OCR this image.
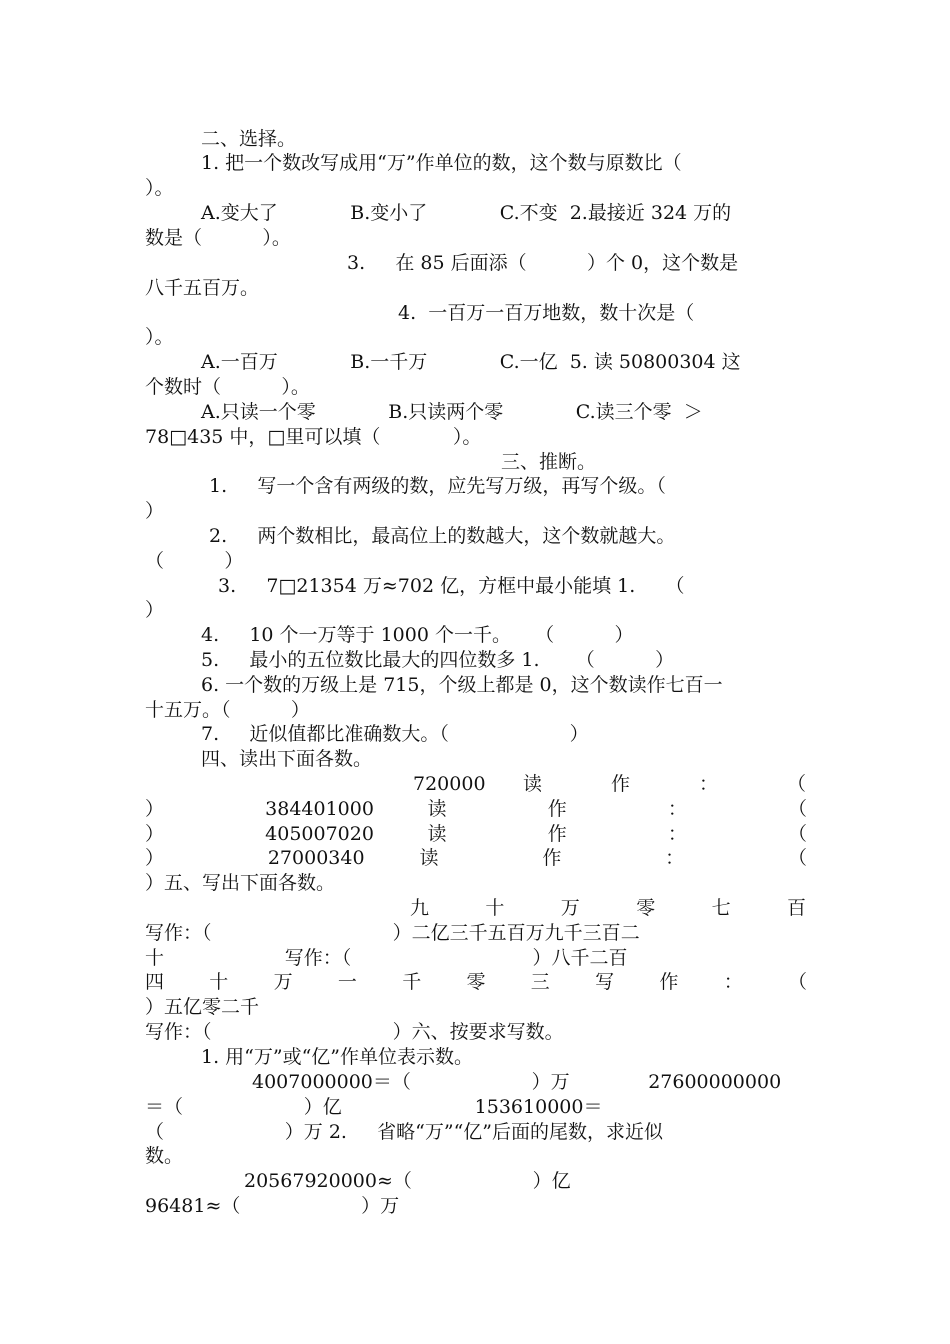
二、选择。
1. 把一个数改写成用“万”作单位的数，这个数与原数比（
）。
A.变大了            B.变小了            C.不变  2.最接近 324 万的
数是（          ）。
3.     在 85 后面添（          ）个 0，这个数是
八千五百万。
4.  一百万一百万地数，数十次是（
）。
A.一百万            B.一千万            C.一亿  5. 读 50800304 这
个数时（          ）。
A.只读一个零            B.只读两个零            C.读三个零  ＞
78□435 中，□里可以填（            ）。
三、推断。
1.     写一个含有两级的数，应先写万级，再写个级。（
）
2.     两个数相比，最高位上的数越大，这个数就越大。
（          ）
3.     7□21354 万≈702 亿，方框中最小能填 1.     （
）
4.     10 个一万等于 1000 个一千。    （          ）
5.     最小的五位数比最大的四位数多 1.      （          ）
6. 一个数的万级上是 715，个级上都是 0，这个数读作七百一
十五万。（          ）
7.     近似值都比准确数大。（                    ）
四、读出下面各数。
720000 读 作 ： （
） 384401000 读 作 ： （
） 405007020 读 作 ： （
） 27000340 读 作 ： （
）五、写出下面各数。
九 十 万 零 七 百
写作：（                              ）二亿三千五百万九千三百二
十                    写作：（                              ）八千二百
四 十 万 一 千 零 三 写 作 ： （
）五亿零二千
写作：（                              ）六、按要求写数。
1. 用“万”或“亿”作单位表示数。
4007000000＝（                    ）万             27600000000
＝（                    ）亿                      153610000＝
（                    ）万 2.     省略“万”“亿”后面的尾数，求近似
数。
20567920000≈（                    ）亿
96481≈（                    ）万
